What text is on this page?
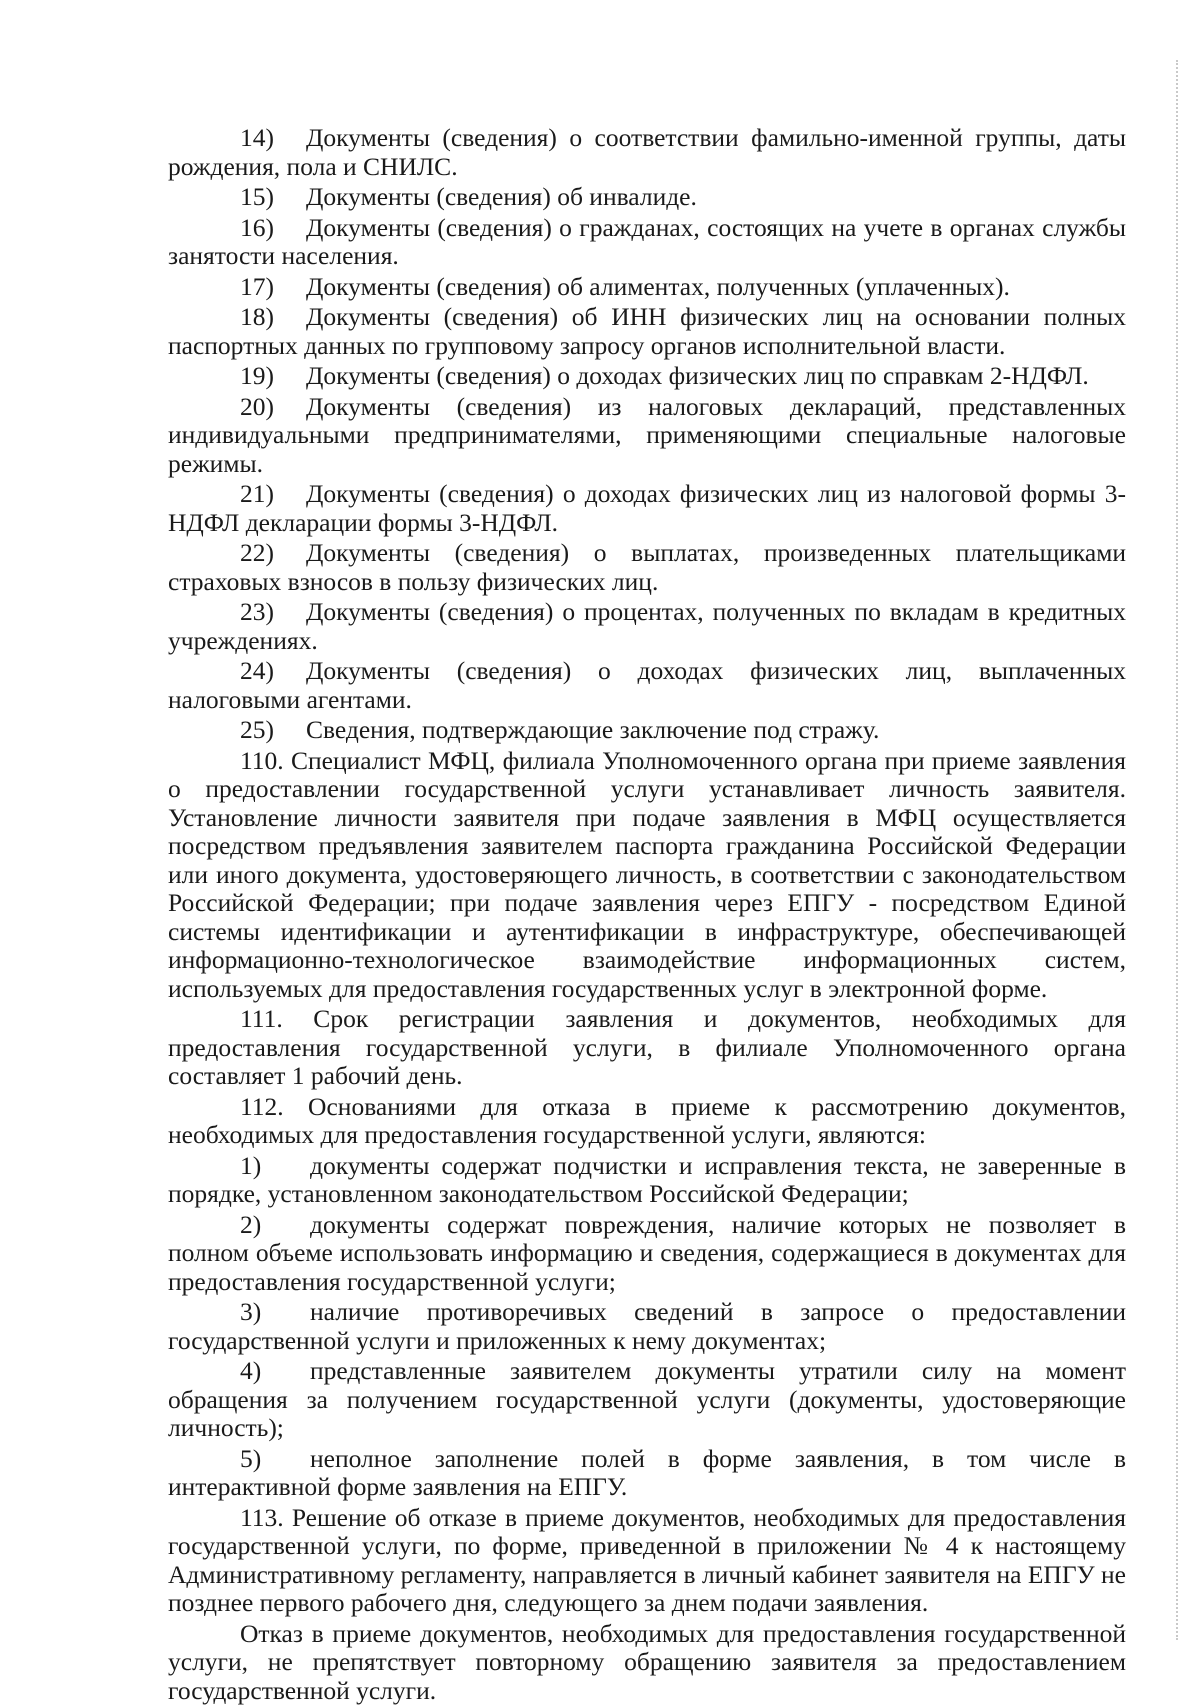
14) Документы (сведения) о соответствии фамильно-именной группы, даты рождения, пола и СНИЛС.
15) Документы (сведения) об инвалиде.
16) Документы (сведения) о гражданах, состоящих на учете в органах службы занятости населения.
17) Документы (сведения) об алиментах, полученных (уплаченных).
18) Документы (сведения) об ИНН физических лиц на основании полных паспортных данных по групповому запросу органов исполнительной власти.
19) Документы (сведения) о доходах физических лиц по справкам 2-НДФЛ.
20) Документы (сведения) из налоговых деклараций, представленных индивидуальными предпринимателями, применяющими специальные налоговые режимы.
21) Документы (сведения) о доходах физических лиц из налоговой формы 3-НДФЛ декларации формы 3-НДФЛ.
22) Документы (сведения) о выплатах, произведенных плательщиками страховых взносов в пользу физических лиц.
23) Документы (сведения) о процентах, полученных по вкладам в кредитных учреждениях.
24) Документы (сведения) о доходах физических лиц, выплаченных налоговыми агентами.
25) Сведения, подтверждающие заключение под стражу.

110. Специалист МФЦ, филиала Уполномоченного органа при приеме заявления о предоставлении государственной услуги устанавливает личность заявителя. Установление личности заявителя при подаче заявления в МФЦ осуществляется посредством предъявления заявителем паспорта гражданина Российской Федерации или иного документа, удостоверяющего личность, в соответствии с законодательством Российской Федерации; при подаче заявления через ЕПГУ - посредством Единой системы идентификации и аутентификации в инфраструктуре, обеспечивающей информационно-технологическое взаимодействие информационных систем, используемых для предоставления государственных услуг в электронной форме.

111. Срок регистрации заявления и документов, необходимых для предоставления государственной услуги, в филиале Уполномоченного органа составляет 1 рабочий день.

112. Основаниями для отказа в приеме к рассмотрению документов, необходимых для предоставления государственной услуги, являются:

1) документы содержат подчистки и исправления текста, не заверенные в порядке, установленном законодательством Российской Федерации;
2) документы содержат повреждения, наличие которых не позволяет в полном объеме использовать информацию и сведения, содержащиеся в документах для предоставления государственной услуги;
3) наличие противоречивых сведений в запросе о предоставлении государственной услуги и приложенных к нему документах;
4) представленные заявителем документы утратили силу на момент обращения за получением государственной услуги (документы, удостоверяющие личность);
5) неполное заполнение полей в форме заявления, в том числе в интерактивной форме заявления на ЕПГУ.

113. Решение об отказе в приеме документов, необходимых для предоставления государственной услуги, по форме, приведенной в приложении № 4 к настоящему Административному регламенту, направляется в личный кабинет заявителя на ЕПГУ не позднее первого рабочего дня, следующего за днем подачи заявления.

Отказ в приеме документов, необходимых для предоставления государственной услуги, не препятствует повторному обращению заявителя за предоставлением государственной услуги.
